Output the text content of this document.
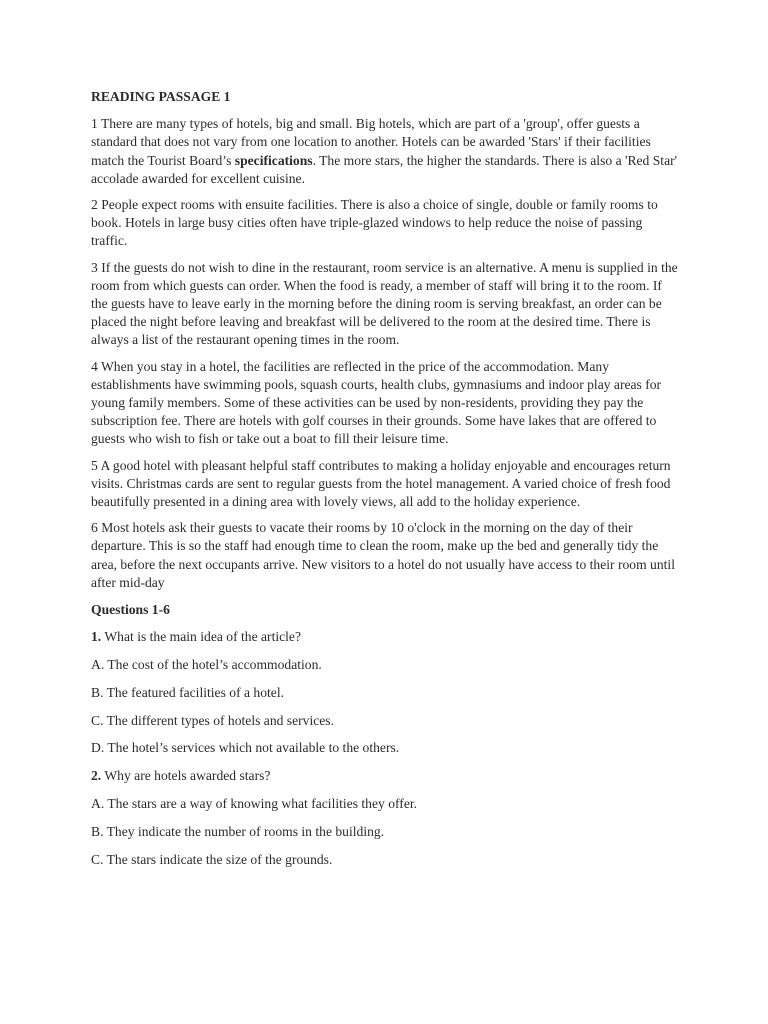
READING PASSAGE 1
1 There are many types of hotels, big and small. Big hotels, which are part of a 'group', offer guests a standard that does not vary from one location to another. Hotels can be awarded 'Stars' if their facilities match the Tourist Board’s specifications. The more stars, the higher the standards. There is also a 'Red Star' accolade awarded for excellent cuisine.
2 People expect rooms with ensuite facilities. There is also a choice of single, double or family rooms to book. Hotels in large busy cities often have triple-glazed windows to help reduce the noise of passing traffic.
3 If the guests do not wish to dine in the restaurant, room service is an alternative. A menu is supplied in the room from which guests can order. When the food is ready, a member of staff will bring it to the room. If the guests have to leave early in the morning before the dining room is serving breakfast, an order can be placed the night before leaving and breakfast will be delivered to the room at the desired time. There is always a list of the restaurant opening times in the room.
4 When you stay in a hotel, the facilities are reflected in the price of the accommodation. Many establishments have swimming pools, squash courts, health clubs, gymnasiums and indoor play areas for young family members. Some of these activities can be used by non-residents, providing they pay the subscription fee. There are hotels with golf courses in their grounds. Some have lakes that are offered to guests who wish to fish or take out a boat to fill their leisure time.
5 A good hotel with pleasant helpful staff contributes to making a holiday enjoyable and encourages return visits. Christmas cards are sent to regular guests from the hotel management. A varied choice of fresh food beautifully presented in a dining area with lovely views, all add to the holiday experience.
6 Most hotels ask their guests to vacate their rooms by 10 o'clock in the morning on the day of their departure. This is so the staff had enough time to clean the room, make up the bed and generally tidy the area, before the next occupants arrive. New visitors to a hotel do not usually have access to their room until after mid-day
Questions 1-6
1. What is the main idea of the article?
A. The cost of the hotel’s accommodation.
B. The featured facilities of a hotel.
C. The different types of hotels and services.
D. The hotel’s services which not available to the others.
2. Why are hotels awarded stars?
A. The stars are a way of knowing what facilities they offer.
B. They indicate the number of rooms in the building.
C. The stars indicate the size of the grounds.
